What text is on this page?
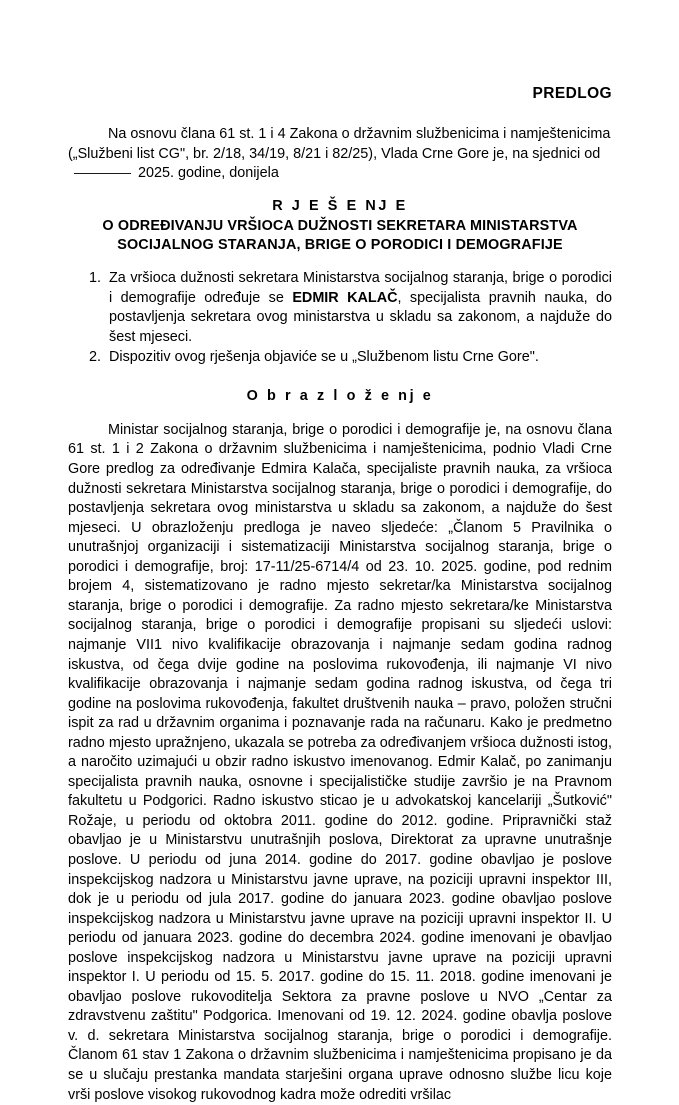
PREDLOG
Na osnovu člana 61 st. 1 i 4 Zakona o državnim službenicima i namještenicima
(„Službeni list CG", br. 2/18, 34/19, 8/21 i 82/25), Vlada Crne Gore je, na sjednici od
2025. godine, donijela
R J E Š E NJ E
O ODREĐIVANJU VRŠIOCA DUŽNOSTI SEKRETARA MINISTARSTVA
SOCIJALNOG STARANJA, BRIGE O PORODICI I DEMOGRAFIJE
1. Za vršioca dužnosti sekretara Ministarstva socijalnog staranja, brige o porodici i demografije određuje se EDMIR KALAČ, specijalista pravnih nauka, do postavljenja sekretara ovog ministarstva u skladu sa zakonom, a najduže do šest mjeseci.
2. Dispozitiv ovog rješenja objaviće se u „Službenom listu Crne Gore".
O b r a z l o ž e nj e
Ministar socijalnog staranja, brige o porodici i demografije je, na osnovu člana 61 st. 1 i 2 Zakona o državnim službenicima i namještenicima, podnio Vladi Crne Gore predlog za određivanje Edmira Kalača, specijaliste pravnih nauka, za vršioca dužnosti sekretara Ministarstva socijalnog staranja, brige o porodici i demografije, do postavljenja sekretara ovog ministarstva u skladu sa zakonom, a najduže do šest mjeseci. U obrazloženju predloga je naveo sljedeće: „Članom 5 Pravilnika o unutrašnjoj organizaciji i sistematizaciji Ministarstva socijalnog staranja, brige o porodici i demografije, broj: 17-11/25-6714/4 od 23. 10. 2025. godine, pod rednim brojem 4, sistematizovano je radno mjesto sekretar/ka Ministarstva socijalnog staranja, brige o porodici i demografije. Za radno mjesto sekretara/ke Ministarstva socijalnog staranja, brige o porodici i demografije propisani su sljedeći uslovi: najmanje VII1 nivo kvalifikacije obrazovanja i najmanje sedam godina radnog iskustva, od čega dvije godine na poslovima rukovođenja, ili najmanje VI nivo kvalifikacije obrazovanja i najmanje sedam godina radnog iskustva, od čega tri godine na poslovima rukovođenja, fakultet društvenih nauka – pravo, položen stručni ispit za rad u državnim organima i poznavanje rada na računaru. Kako je predmetno radno mjesto upražnjeno, ukazala se potreba za određivanjem vršioca dužnosti istog, a naročito uzimajući u obzir radno iskustvo imenovanog. Edmir Kalač, po zanimanju specijalista pravnih nauka, osnovne i specijalističke studije završio je na Pravnom fakultetu u Podgorici. Radno iskustvo sticao je u advokatskoj kancelariji „Šutković" Rožaje, u periodu od oktobra 2011. godine do 2012. godine. Pripravnički staž obavljao je u Ministarstvu unutrašnjih poslova, Direktorat za upravne unutrašnje poslove. U periodu od juna 2014. godine do 2017. godine obavljao je poslove inspekcijskog nadzora u Ministarstvu javne uprave, na poziciji upravni inspektor III, dok je u periodu od jula 2017. godine do januara 2023. godine obavljao poslove inspekcijskog nadzora u Ministarstvu javne uprave na poziciji upravni inspektor II. U periodu od januara 2023. godine do decembra 2024. godine imenovani je obavljao poslove inspekcijskog nadzora u Ministarstvu javne uprave na poziciji upravni inspektor I. U periodu od 15. 5. 2017. godine do 15. 11. 2018. godine imenovani je obavljao poslove rukovoditelja Sektora za pravne poslove u NVO „Centar za zdravstvenu zaštitu" Podgorica. Imenovani od 19. 12. 2024. godine obavlja poslove v. d. sekretara Ministarstva socijalnog staranja, brige o porodici i demografije. Članom 61 stav 1 Zakona o državnim službenicima i namještenicima propisano je da se u slučaju prestanka mandata starješini organa uprave odnosno službe licu koje vrši poslove visokog rukovodnog kadra može odrediti vršilac
